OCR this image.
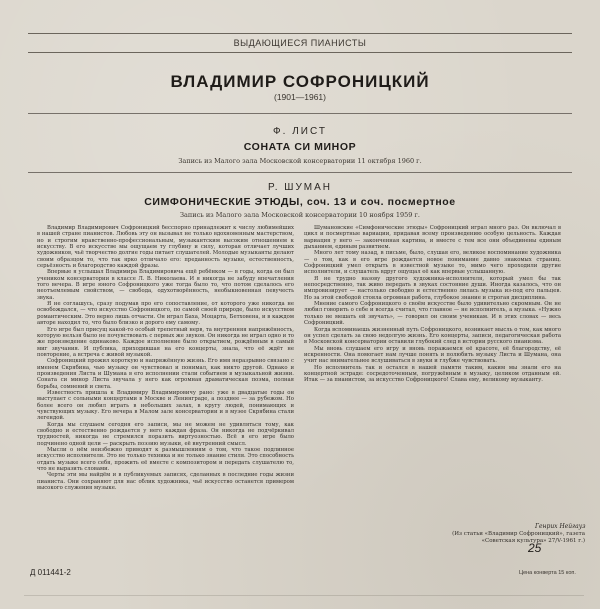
ВЫДАЮЩИЕСЯ ПИАНИСТЫ
ВЛАДИМИР СОФРОНИЦКИЙ
(1901—1961)
Ф. ЛИСТ
СОНАТА СИ МИНОР
Запись из Малого зала Московской консерватории 11 октября 1960 г.
Р. ШУМАН
СИМФОНИЧЕСКИЕ ЭТЮДЫ, соч. 13 и соч. посмертное
Запись из Малого зала Московской консерватории 10 ноября 1959 г.

Владимир Владимирович Софроницкий бесспорно принадлежит к числу любимейших в нашей стране пианистов. Любовь эту он вызывал не только вдохновенным мастерством, но и строгим нравственно-профессиональным, музыкантским высоким отношением к искусству. В его искусстве мы ощущаем ту глубину и силу, которая отличает лучших художников, чьё творчество долгие годы питает слушателей. Молодые музыканты делают своим образцом то, что так ярко отличало его: преданность музыке, естественность, серьёзность и благородство каждой фразы.

Впервые я услышал Владимира Владимировича ещё ребёнком — в годы, когда он был учеником консерватории в классе Л. В. Николаева. И я никогда не забуду впечатления того вечера. В игре юного Софроницкого уже тогда было то, что потом сделалось его неотъемлемым свойством, — свобода, одухотворённость, необыкновенная певучесть звука.

Я не соглашусь, сразу подумав про его сопоставление, от которого уже никогда не освобождался, — что искусство Софроницкого, по самой своей природе, было искусством романтическим. Это верно лишь отчасти. Он играл Баха, Моцарта, Бетховена, и в каждом авторе находил то, что было близко и дорого ему самому.

Его игре был присущ какой-то особый трепетный нерв, та внутренняя напряжённость, которую нельзя было не почувствовать с первых же звуков. Он никогда не играл одно и то же произведение одинаково. Каждое исполнение было открытием, рождённым в самый миг звучания. И публика, приходившая на его концерты, знала, что её ждёт не повторение, а встреча с живой музыкой.

Софроницкий прожил короткую и напряжённую жизнь. Его имя неразрывно связано с именем Скрябина, чью музыку он чувствовал и понимал, как никто другой. Однако и произведения Листа и Шумана в его исполнении стали событием в музыкальной жизни. Соната си минор Листа звучала у него как огромная драматическая поэма, полная борьбы, сомнений и света.

Известность пришла к Владимиру Владимировичу рано: уже в двадцатые годы он выступает с сольными концертами в Москве и Ленинграде, а позднее — за рубежом. Но более всего он любил играть в небольших залах, в кругу людей, понимающих и чувствующих музыку. Его вечера в Малом зале консерватории и в музее Скрябина стали легендой.

Когда мы слушаем сегодня его записи, мы не можем не удивляться тому, как свободно и естественно рождается у него каждая фраза. Он никогда не подчёркивал трудностей, никогда не стремился поразить виртуозностью. Всё в его игре было подчинено одной цели — раскрыть поэзию музыки, её внутренний смысл.

Мысли о нём неизбежно приводят к размышлениям о том, что такое подлинное искусство исполнителя. Это не только техника и не только знание стиля. Это способность отдать музыке всего себя, прожить её вместе с композитором и передать слушателю то, что не выразить словами.

Черты эти мы найдём и в публикуемых записях, сделанных в последние годы жизни пианиста. Они сохраняют для нас облик художника, чьё искусство останется примером высокого служения музыке.

Шумановские «Симфонические этюды» Софроницкий играл много раз. Он включал в цикл и посмертные вариации, придавая всему произведению особую цельность. Каждая вариация у него — законченная картина, и вместе с тем все они объединены единым дыханием, единым развитием.

Много лет тому назад, в письме, было, слушая его, великое воспоминание художника — о том, как в его игре рождается новое понимание давно знакомых страниц. Софроницкий умел открыть в известной музыке то, мимо чего проходили другие исполнители, и слушатель вдруг ощущал её как впервые услышанную.

Я не трудно назову другого художника-исполнителя, который умел бы так непосредственно, так живо передать в звуках состояние души. Иногда казалось, что он импровизирует — настолько свободно и естественно лилась музыка из-под его пальцев. Но за этой свободой стояла огромная работа, глубокое знание и строгая дисциплина.

Мнение самого Софроницкого о своём искусстве было удивительно скромным. Он не любил говорить о себе и всегда считал, что главное — не исполнитель, а музыка. «Нужно только не мешать ей звучать», — говорил он своим ученикам. И в этих словах — весь Софроницкий.

Когда вспоминаешь жизненный путь Софроницкого, возникает мысль о том, как много он успел сделать за свою недолгую жизнь. Его концерты, записи, педагогическая работа в Московской консерватории оставили глубокий след в истории русского пианизма.

Мы вновь слушаем его игру и вновь поражаемся её красоте, её благородству, её искренности. Она помогает нам лучше понять и полюбить музыку Листа и Шумана, она учит нас внимательнее вслушиваться в звуки и глубже чувствовать.

Но исполнитель так и остался в нашей памяти таким, каким мы знали его на концертной эстраде: сосредоточенным, погружённым в музыку, целиком отданным ей. Итак — за пианистом, за искусство Софроницкого! Слава ему, великому музыканту.

Генрих Нейгауз
(Из статьи «Владимир Софроницкий», газета «Советская культура» 27/V-1961 г.)
25
Цена конверта 15 коп.
Д 011441-2
